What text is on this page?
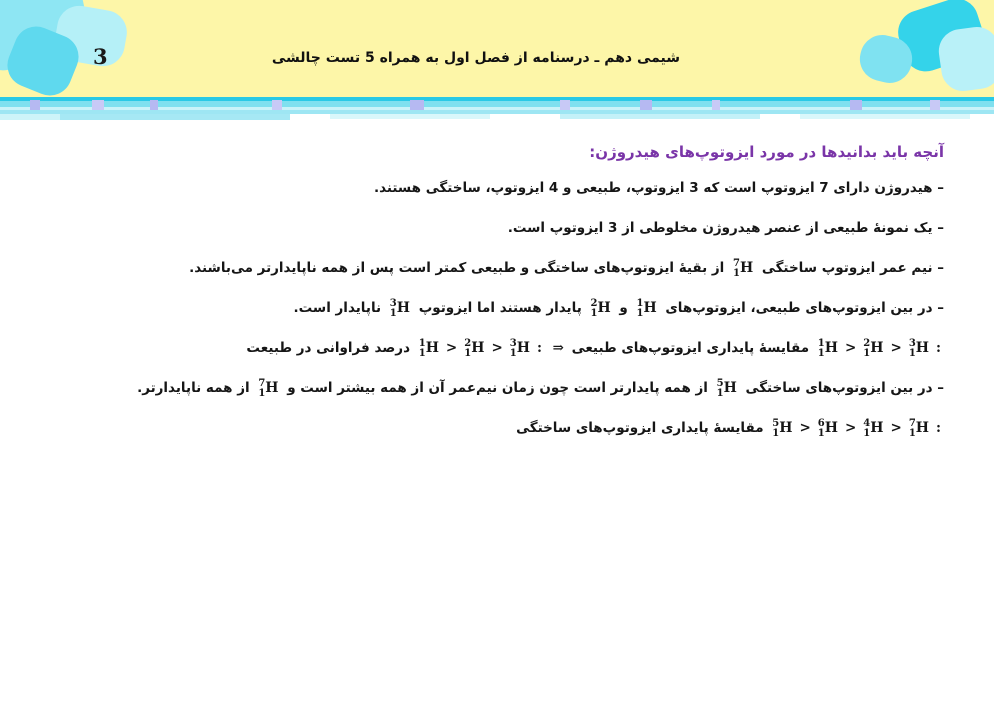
3	شیمی دهم ـ درسنامه از فصل اول به همراه 5 تست چالشی
آنچه باید بدانیدها در مورد ایزوتوپ‌های هیدروژن:
– هیدروژن دارای 7 ایزوتوپ است که 3 ایزوتوپ، طبیعی و 4 ایزوتوپ، ساختگی هستند.
– یک نمونهٔ طبیعی از عنصر هیدروژن مخلوطی از 3 ایزوتوپ است.
– نیم عمر ایزوتوپ ساختگی
7
1 H از بقیهٔ ایزوتوپ‌های ساختگی و طبیعی کمتر است پس از همه ناپایدارتر می‌باشند.
– در بین ایزوتوپ‌های طبیعی، ایزوتوپ‌های
1
1 H و
2
1 H پایدار هستند اما ایزوتوپ
3
1 H ناپایدار است.
1
1 H > 2
1 H > 3
1 H : مقایسهٔ پایداری ایزوتوپ‌های طبیعی ⇒
1
1 H > 2
1 H > 3
1 H : درصد فراوانی در طبیعت
– در بین ایزوتوپ‌های ساختگی
5
1 H از همه پایدارتر است چون زمان نیم‌عمر آن از همه بیشتر است و
7
1 H از همه ناپایدارتر.
5
1 H > 6
1 H > 4
1 H > 7
1 H : مقایسهٔ پایداری ایزوتوپ‌های ساختگی
